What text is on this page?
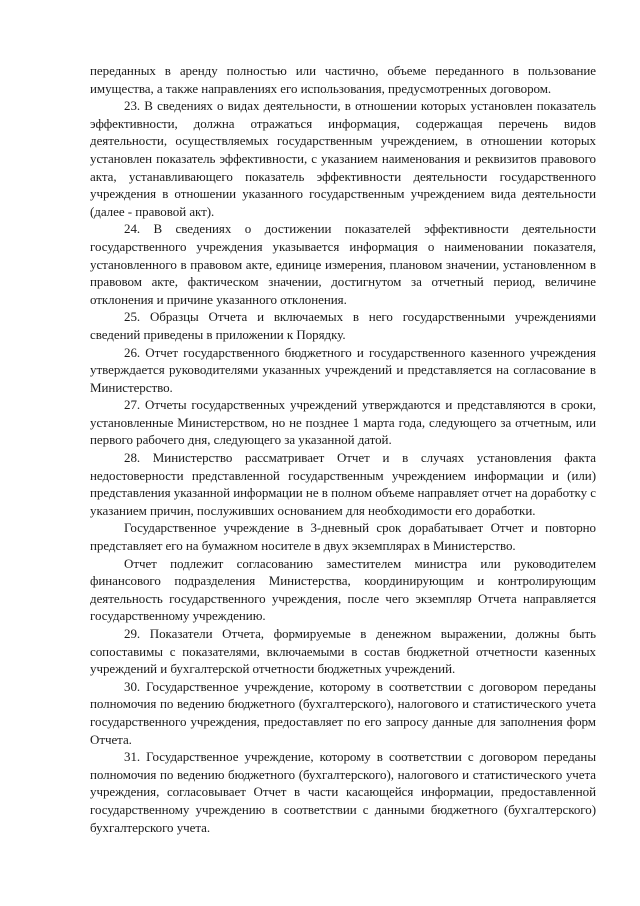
переданных в аренду полностью или частично, объеме переданного в пользование имущества, а также направлениях его использования, предусмотренных договором.

23. В сведениях о видах деятельности, в отношении которых установлен показатель эффективности, должна отражаться информация, содержащая перечень видов деятельности, осуществляемых государственным учреждением, в отношении которых установлен показатель эффективности, с указанием наименования и реквизитов правового акта, устанавливающего показатель эффективности деятельности государственного учреждения в отношении указанного государственным учреждением вида деятельности (далее - правовой акт).

24. В сведениях о достижении показателей эффективности деятельности государственного учреждения указывается информация о наименовании показателя, установленного в правовом акте, единице измерения, плановом значении, установленном в правовом акте, фактическом значении, достигнутом за отчетный период, величине отклонения и причине указанного отклонения.

25. Образцы Отчета и включаемых в него государственными учреждениями сведений приведены в приложении к Порядку.

26. Отчет государственного бюджетного и государственного казенного учреждения утверждается руководителями указанных учреждений и представляется на согласование в Министерство.

27. Отчеты государственных учреждений утверждаются и представляются в сроки, установленные Министерством, но не позднее 1 марта года, следующего за отчетным, или первого рабочего дня, следующего за указанной датой.

28. Министерство рассматривает Отчет и в случаях установления факта недостоверности представленной государственным учреждением информации и (или) представления указанной информации не в полном объеме направляет отчет на доработку с указанием причин, послуживших основанием для необходимости его доработки.

Государственное учреждение в 3-дневный срок дорабатывает Отчет и повторно представляет его на бумажном носителе в двух экземплярах в Министерство.

Отчет подлежит согласованию заместителем министра или руководителем финансового подразделения Министерства, координирующим и контролирующим деятельность государственного учреждения, после чего экземпляр Отчета направляется государственному учреждению.

29. Показатели Отчета, формируемые в денежном выражении, должны быть сопоставимы с показателями, включаемыми в состав бюджетной отчетности казенных учреждений и бухгалтерской отчетности бюджетных учреждений.

30. Государственное учреждение, которому в соответствии с договором переданы полномочия по ведению бюджетного (бухгалтерского), налогового и статистического учета государственного учреждения, предоставляет по его запросу данные для заполнения форм Отчета.

31. Государственное учреждение, которому в соответствии с договором переданы полномочия по ведению бюджетного (бухгалтерского), налогового и статистического учета учреждения, согласовывает Отчет в части касающейся информации, предоставленной государственному учреждению в соответствии с данными бюджетного (бухгалтерского) бухгалтерского учета.
